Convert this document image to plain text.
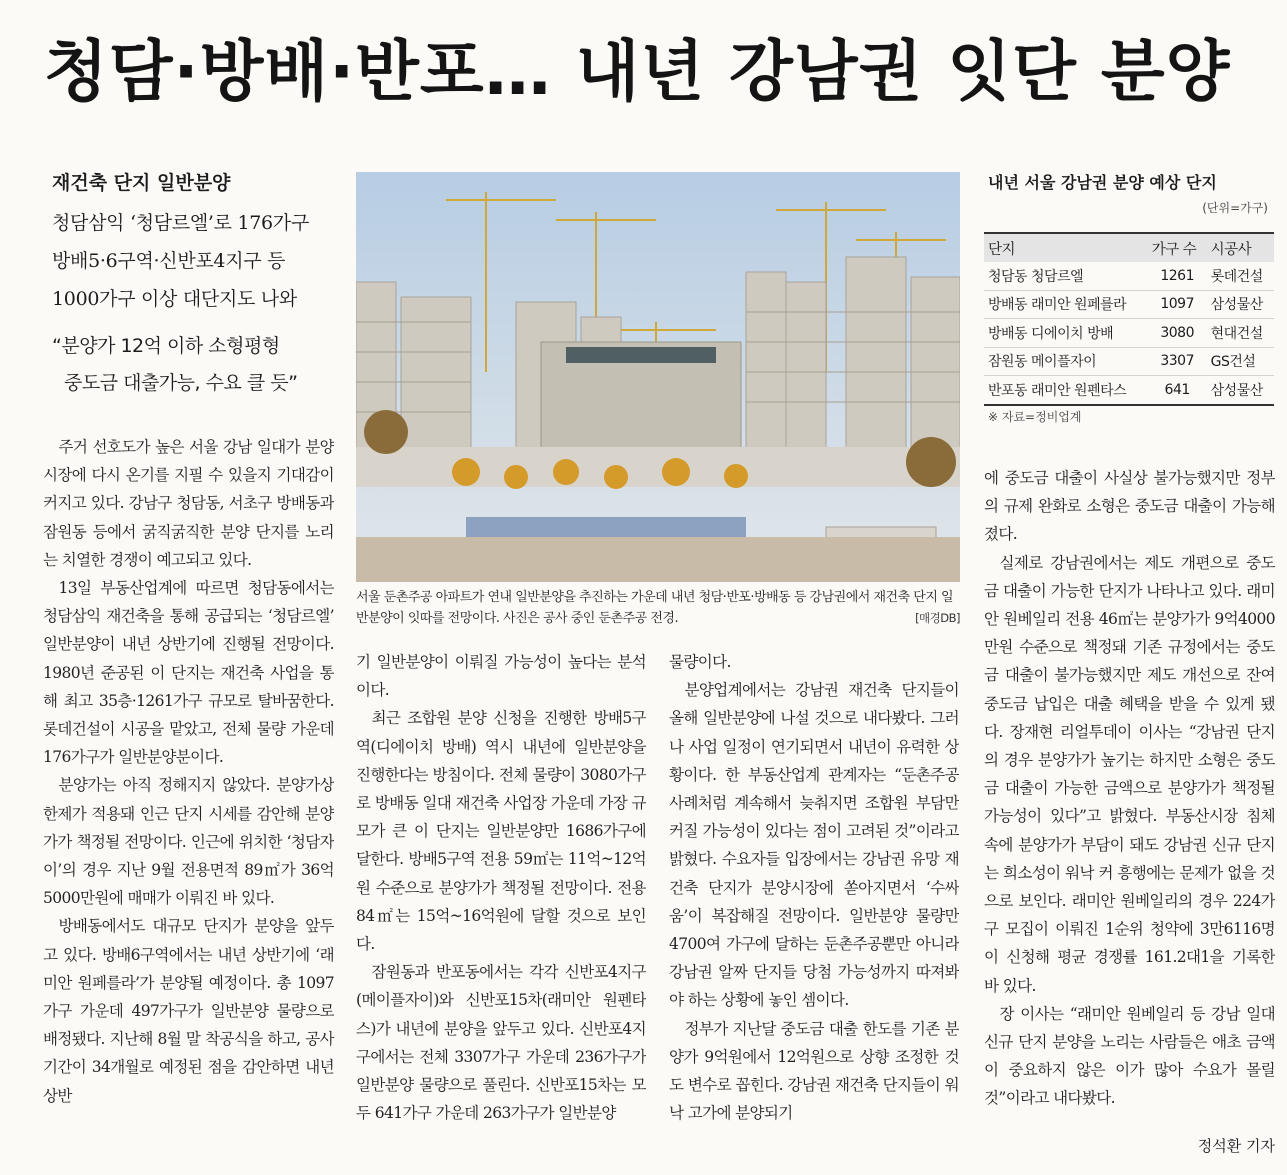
청담·방배·반포… 내년 강남권 잇단 분양
재건축 단지 일반분양
청담삼익 ‘청담르엘’로 176가구
방배5·6구역·신반포4지구 등
1000가구 이상 대단지도 나와
“분양가 12억 이하 소형평형
중도금 대출가능, 수요 클 듯”
서울 둔촌주공 아파트가 연내 일반분양을 추진하는 가운데 내년 청담·반포·방배동 등 강남권에서 재건축 단지 일반분양이 잇따를 전망이다. 사진은 공사 중인 둔촌주공 전경.	[매경DB]
내년 서울 강남권 분양 예상 단지
(단위=가구)
단지	가구 수	시공사
청담동 청담르엘	1261	롯데건설
방배동 래미안 원페를라	1097	삼성물산
방배동 디에이치 방배	3080	현대건설
잠원동 메이플자이	3307	GS건설
반포동 래미안 원펜타스	641	삼성물산
※ 자료=정비업계

주거 선호도가 높은 서울 강남 일대가 분양시장에 다시 온기를 지필 수 있을지 기대감이 커지고 있다. 강남구 청담동, 서초구 방배동과 잠원동 등에서 굵직굵직한 분양 단지를 노리는 치열한 경쟁이 예고되고 있다.

13일 부동산업계에 따르면 청담동에서는 청담삼익 재건축을 통해 공급되는 ‘청담르엘’ 일반분양이 내년 상반기에 진행될 전망이다. 1980년 준공된 이 단지는 재건축 사업을 통해 최고 35층·1261가구 규모로 탈바꿈한다. 롯데건설이 시공을 맡았고, 전체 물량 가운데 176가구가 일반분양분이다.

분양가는 아직 정해지지 않았다. 분양가상한제가 적용돼 인근 단지 시세를 감안해 분양가가 책정될 전망이다. 인근에 위치한 ‘청담자이’의 경우 지난 9월 전용면적 89㎡가 36억5000만원에 매매가 이뤄진 바 있다.

방배동에서도 대규모 단지가 분양을 앞두고 있다. 방배6구역에서는 내년 상반기에 ‘래미안 원페를라’가 분양될 예정이다. 총 1097가구 가운데 497가구가 일반분양 물량으로 배정됐다. 지난해 8월 말 착공식을 하고, 공사기간이 34개월로 예정된 점을 감안하면 내년 상반

기 일반분양이 이뤄질 가능성이 높다는 분석이다.

최근 조합원 분양 신청을 진행한 방배5구역(디에이치 방배) 역시 내년에 일반분양을 진행한다는 방침이다. 전체 물량이 3080가구로 방배동 일대 재건축 사업장 가운데 가장 규모가 큰 이 단지는 일반분양만 1686가구에 달한다. 방배5구역 전용 59㎡는 11억~12억원 수준으로 분양가가 책정될 전망이다. 전용 84㎡는 15억~16억원에 달할 것으로 보인다.

잠원동과 반포동에서는 각각 신반포4지구(메이플자이)와 신반포15차(래미안 원펜타스)가 내년에 분양을 앞두고 있다. 신반포4지구에서는 전체 3307가구 가운데 236가구가 일반분양 물량으로 풀린다. 신반포15차는 모두 641가구 가운데 263가구가 일반분양

물량이다.

분양업계에서는 강남권 재건축 단지들이 올해 일반분양에 나설 것으로 내다봤다. 그러나 사업 일정이 연기되면서 내년이 유력한 상황이다. 한 부동산업계 관계자는 “둔촌주공 사례처럼 계속해서 늦춰지면 조합원 부담만 커질 가능성이 있다는 점이 고려된 것”이라고 밝혔다. 수요자들 입장에서는 강남권 유망 재건축 단지가 분양시장에 쏟아지면서 ‘수싸움’이 복잡해질 전망이다. 일반분양 물량만 4700여 가구에 달하는 둔촌주공뿐만 아니라 강남권 알짜 단지들 당첨 가능성까지 따져봐야 하는 상황에 놓인 셈이다.

정부가 지난달 중도금 대출 한도를 기존 분양가 9억원에서 12억원으로 상향 조정한 것도 변수로 꼽힌다. 강남권 재건축 단지들이 워낙 고가에 분양되기

에 중도금 대출이 사실상 불가능했지만 정부의 규제 완화로 소형은 중도금 대출이 가능해졌다.

실제로 강남권에서는 제도 개편으로 중도금 대출이 가능한 단지가 나타나고 있다. 래미안 원베일리 전용 46㎡는 분양가가 9억4000만원 수준으로 책정돼 기존 규정에서는 중도금 대출이 불가능했지만 제도 개선으로 잔여 중도금 납입은 대출 혜택을 받을 수 있게 됐다. 장재현 리얼투데이 이사는 “강남권 단지의 경우 분양가가 높기는 하지만 소형은 중도금 대출이 가능한 금액으로 분양가가 책정될 가능성이 있다”고 밝혔다. 부동산시장 침체 속에 분양가가 부담이 돼도 강남권 신규 단지는 희소성이 워낙 커 흥행에는 문제가 없을 것으로 보인다. 래미안 원베일리의 경우 224가구 모집이 이뤄진 1순위 청약에 3만6116명이 신청해 평균 경쟁률 161.2대1을 기록한 바 있다.

장 이사는 “래미안 원베일리 등 강남 일대 신규 단지 분양을 노리는 사람들은 애초 금액이 중요하지 않은 이가 많아 수요가 몰릴 것”이라고 내다봤다.

정석환 기자
